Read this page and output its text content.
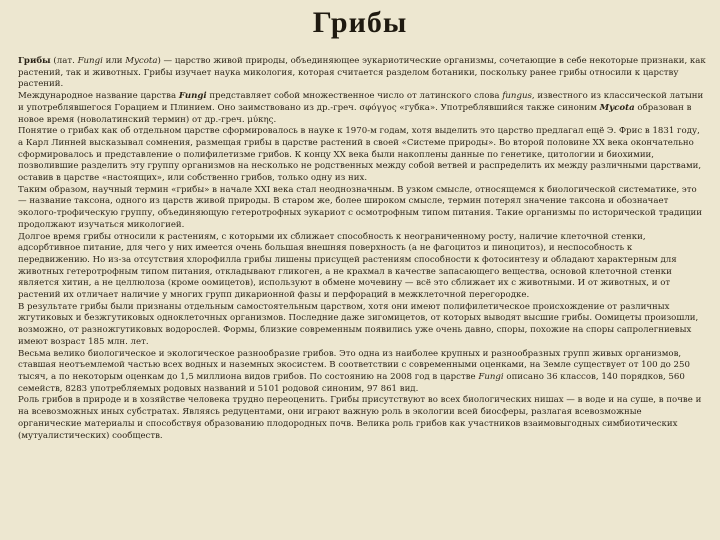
Грибы

Грибы (лат. Fungi или Mycota) — царство живой природы, объединяющее эукариотические организмы, сочетающие в себе некоторые признаки, как растений, так и животных. Грибы изучает наука микология, которая считается разделом ботаники, поскольку ранее грибы относили к царству растений.

Международное название царства Fungi представляет собой множественное число от латинского слова fungus, известного из классической латыни и употреблявшегося Горацием и Плинием. Оно заимствовано из др.-греч. σφόγγος «губка». Употреблявшийся также синоним Mycota образован в новое время (новолатинский термин) от др.-греч. μύκης.

Понятие о грибах как об отдельном царстве сформировалось в науке к 1970-м годам, хотя выделить это царство предлагал ещё Э. Фрис в 1831 году, а Карл Линней высказывал сомнения, размещая грибы в царстве растений в своей «Системе природы». Во второй половине XX века окончательно сформировалось и представление о полифилетизме грибов. К концу XX века были накоплены данные по генетике, цитологии и биохимии, позволившие разделить эту группу организмов на несколько не родственных между собой ветвей и распределить их между различными царствами, оставив в царстве «настоящих», или собственно грибов, только одну из них.

Таким образом, научный термин «грибы» в начале XXI века стал неоднозначным. В узком смысле, относящемся к биологической систематике, это — название таксона, одного из царств живой природы. В старом же, более широком смысле, термин потерял значение таксона и обозначает эколого-трофическую группу, объединяющую гетеротрофных эукариот с осмотрофным типом питания. Такие организмы по исторической традиции продолжают изучаться микологией.

Долгое время грибы относили к растениям, с которыми их сближает способность к неограниченному росту, наличие клеточной стенки, адсорбтивное питание, для чего у них имеется очень большая внешняя поверхность (а не фагоцитоз и пиноцитоз), и неспособность к передвижению. Но из-за отсутствия хлорофилла грибы лишены присущей растениям способности к фотосинтезу и обладают характерным для животных гетеротрофным типом питания, откладывают гликоген, а не крахмал в качестве запасающего вещества, основой клеточной стенки является хитин, а не целлюлоза (кроме оомицетов), используют в обмене мочевину — всё это сближает их с животными. И от животных, и от растений их отличает наличие у многих групп дикарионной фазы и перфораций в межклеточной перегородке.

В результате грибы были признаны отдельным самостоятельным царством, хотя они имеют полифилетическое происхождение от различных жгутиковых и безжгутиковых одноклеточных организмов. Последние даже зигомицетов, от которых выводят высшие грибы. Оомицеты произошли, возможно, от разножгутиковых водорослей. Формы, близкие современным появились уже очень давно, споры, похожие на споры сапролегниевых имеют возраст 185 млн. лет.

Весьма велико биологическое и экологическое разнообразие грибов. Это одна из наиболее крупных и разнообразных групп живых организмов, ставшая неотъемлемой частью всех водных и наземных экосистем. В соответствии с современными оценками, на Земле существует от 100 до 250 тысяч, а по некоторым оценкам до 1,5 миллиона видов грибов. По состоянию на 2008 год в царстве Fungi описано 36 классов, 140 порядков, 560 семейств, 8283 употребляемых родовых названий и 5101 родовой синоним, 97 861 вид.

Роль грибов в природе и в хозяйстве человека трудно переоценить. Грибы присутствуют во всех биологических нишах — в воде и на суше, в почве и на всевозможных иных субстратах. Являясь редуцентами, они играют важную роль в экологии всей биосферы, разлагая всевозможные органические материалы и способствуя образованию плодородных почв. Велика роль грибов как участников взаимовыгодных симбиотических (мутуалистических) сообществ.
